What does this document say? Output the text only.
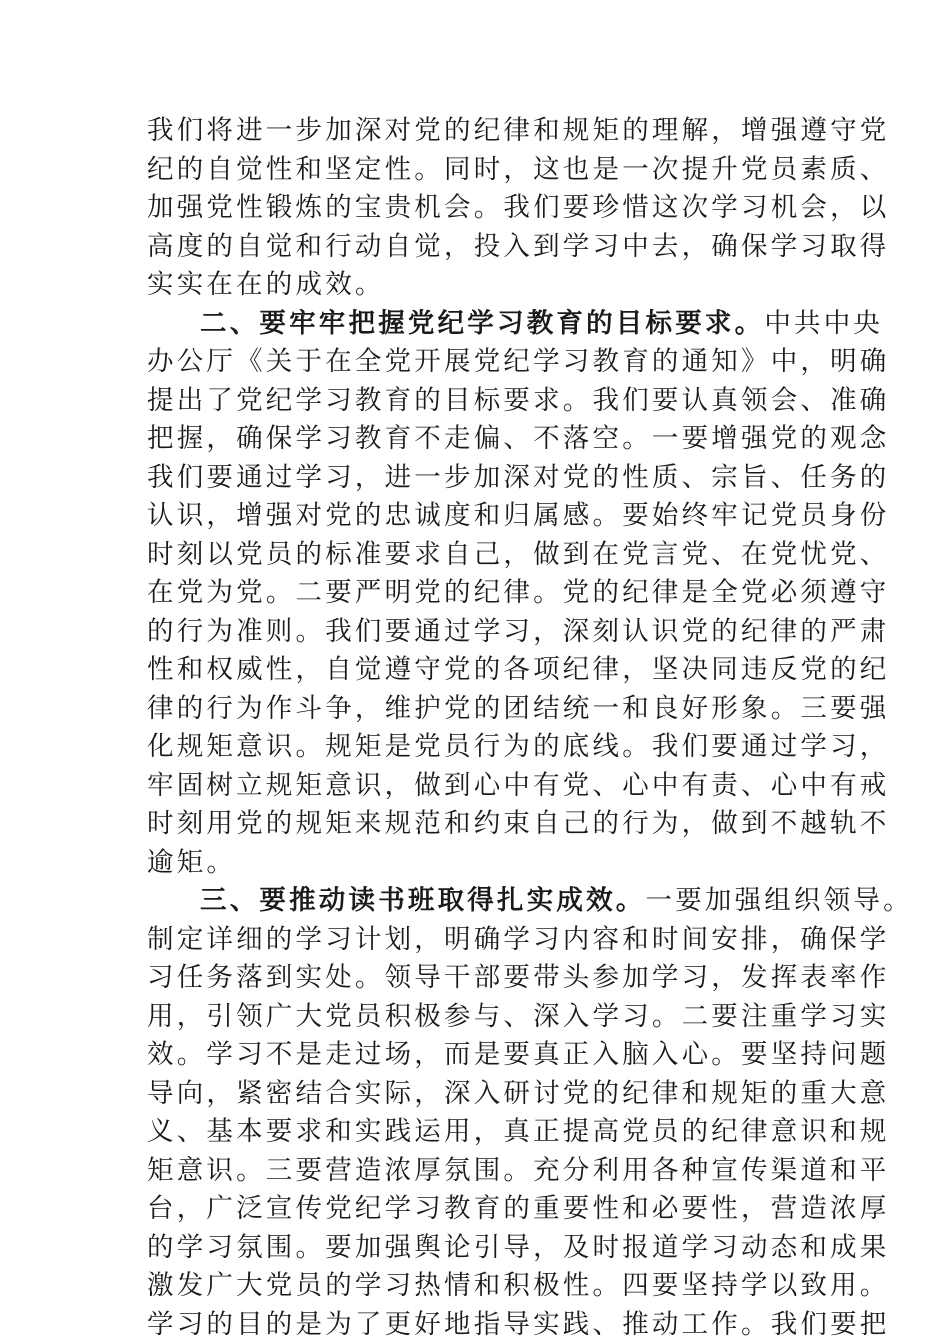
我们将进一步加深对党的纪律和规矩的理解，增强遵守党
纪的自觉性和坚定性。同时，这也是一次提升党员素质、
加强党性锻炼的宝贵机会。我们要珍惜这次学习机会，以
高度的自觉和行动自觉，投入到学习中去，确保学习取得
实实在在的成效。
二、要牢牢把握党纪学习教育的目标要求。中共中央
办公厅《关于在全党开展党纪学习教育的通知》中，明确
提出了党纪学习教育的目标要求。我们要认真领会、准确
把握，确保学习教育不走偏、不落空。一要增强党的观念
我们要通过学习，进一步加深对党的性质、宗旨、任务的
认识，增强对党的忠诚度和归属感。要始终牢记党员身份
时刻以党员的标准要求自己，做到在党言党、在党忧党、
在党为党。二要严明党的纪律。党的纪律是全党必须遵守
的行为准则。我们要通过学习，深刻认识党的纪律的严肃
性和权威性，自觉遵守党的各项纪律，坚决同违反党的纪
律的行为作斗争，维护党的团结统一和良好形象。三要强
化规矩意识。规矩是党员行为的底线。我们要通过学习，
牢固树立规矩意识，做到心中有党、心中有责、心中有戒
时刻用党的规矩来规范和约束自己的行为，做到不越轨不
逾矩。
三、要推动读书班取得扎实成效。一要加强组织领导。
制定详细的学习计划，明确学习内容和时间安排，确保学
习任务落到实处。领导干部要带头参加学习，发挥表率作
用，引领广大党员积极参与、深入学习。二要注重学习实
效。学习不是走过场，而是要真正入脑入心。要坚持问题
导向，紧密结合实际，深入研讨党的纪律和规矩的重大意
义、基本要求和实践运用，真正提高党员的纪律意识和规
矩意识。三要营造浓厚氛围。充分利用各种宣传渠道和平
台，广泛宣传党纪学习教育的重要性和必要性，营造浓厚
的学习氛围。要加强舆论引导，及时报道学习动态和成果
激发广大党员的学习热情和积极性。四要坚持学以致用。
学习的目的是为了更好地指导实践、推动工作。我们要把
